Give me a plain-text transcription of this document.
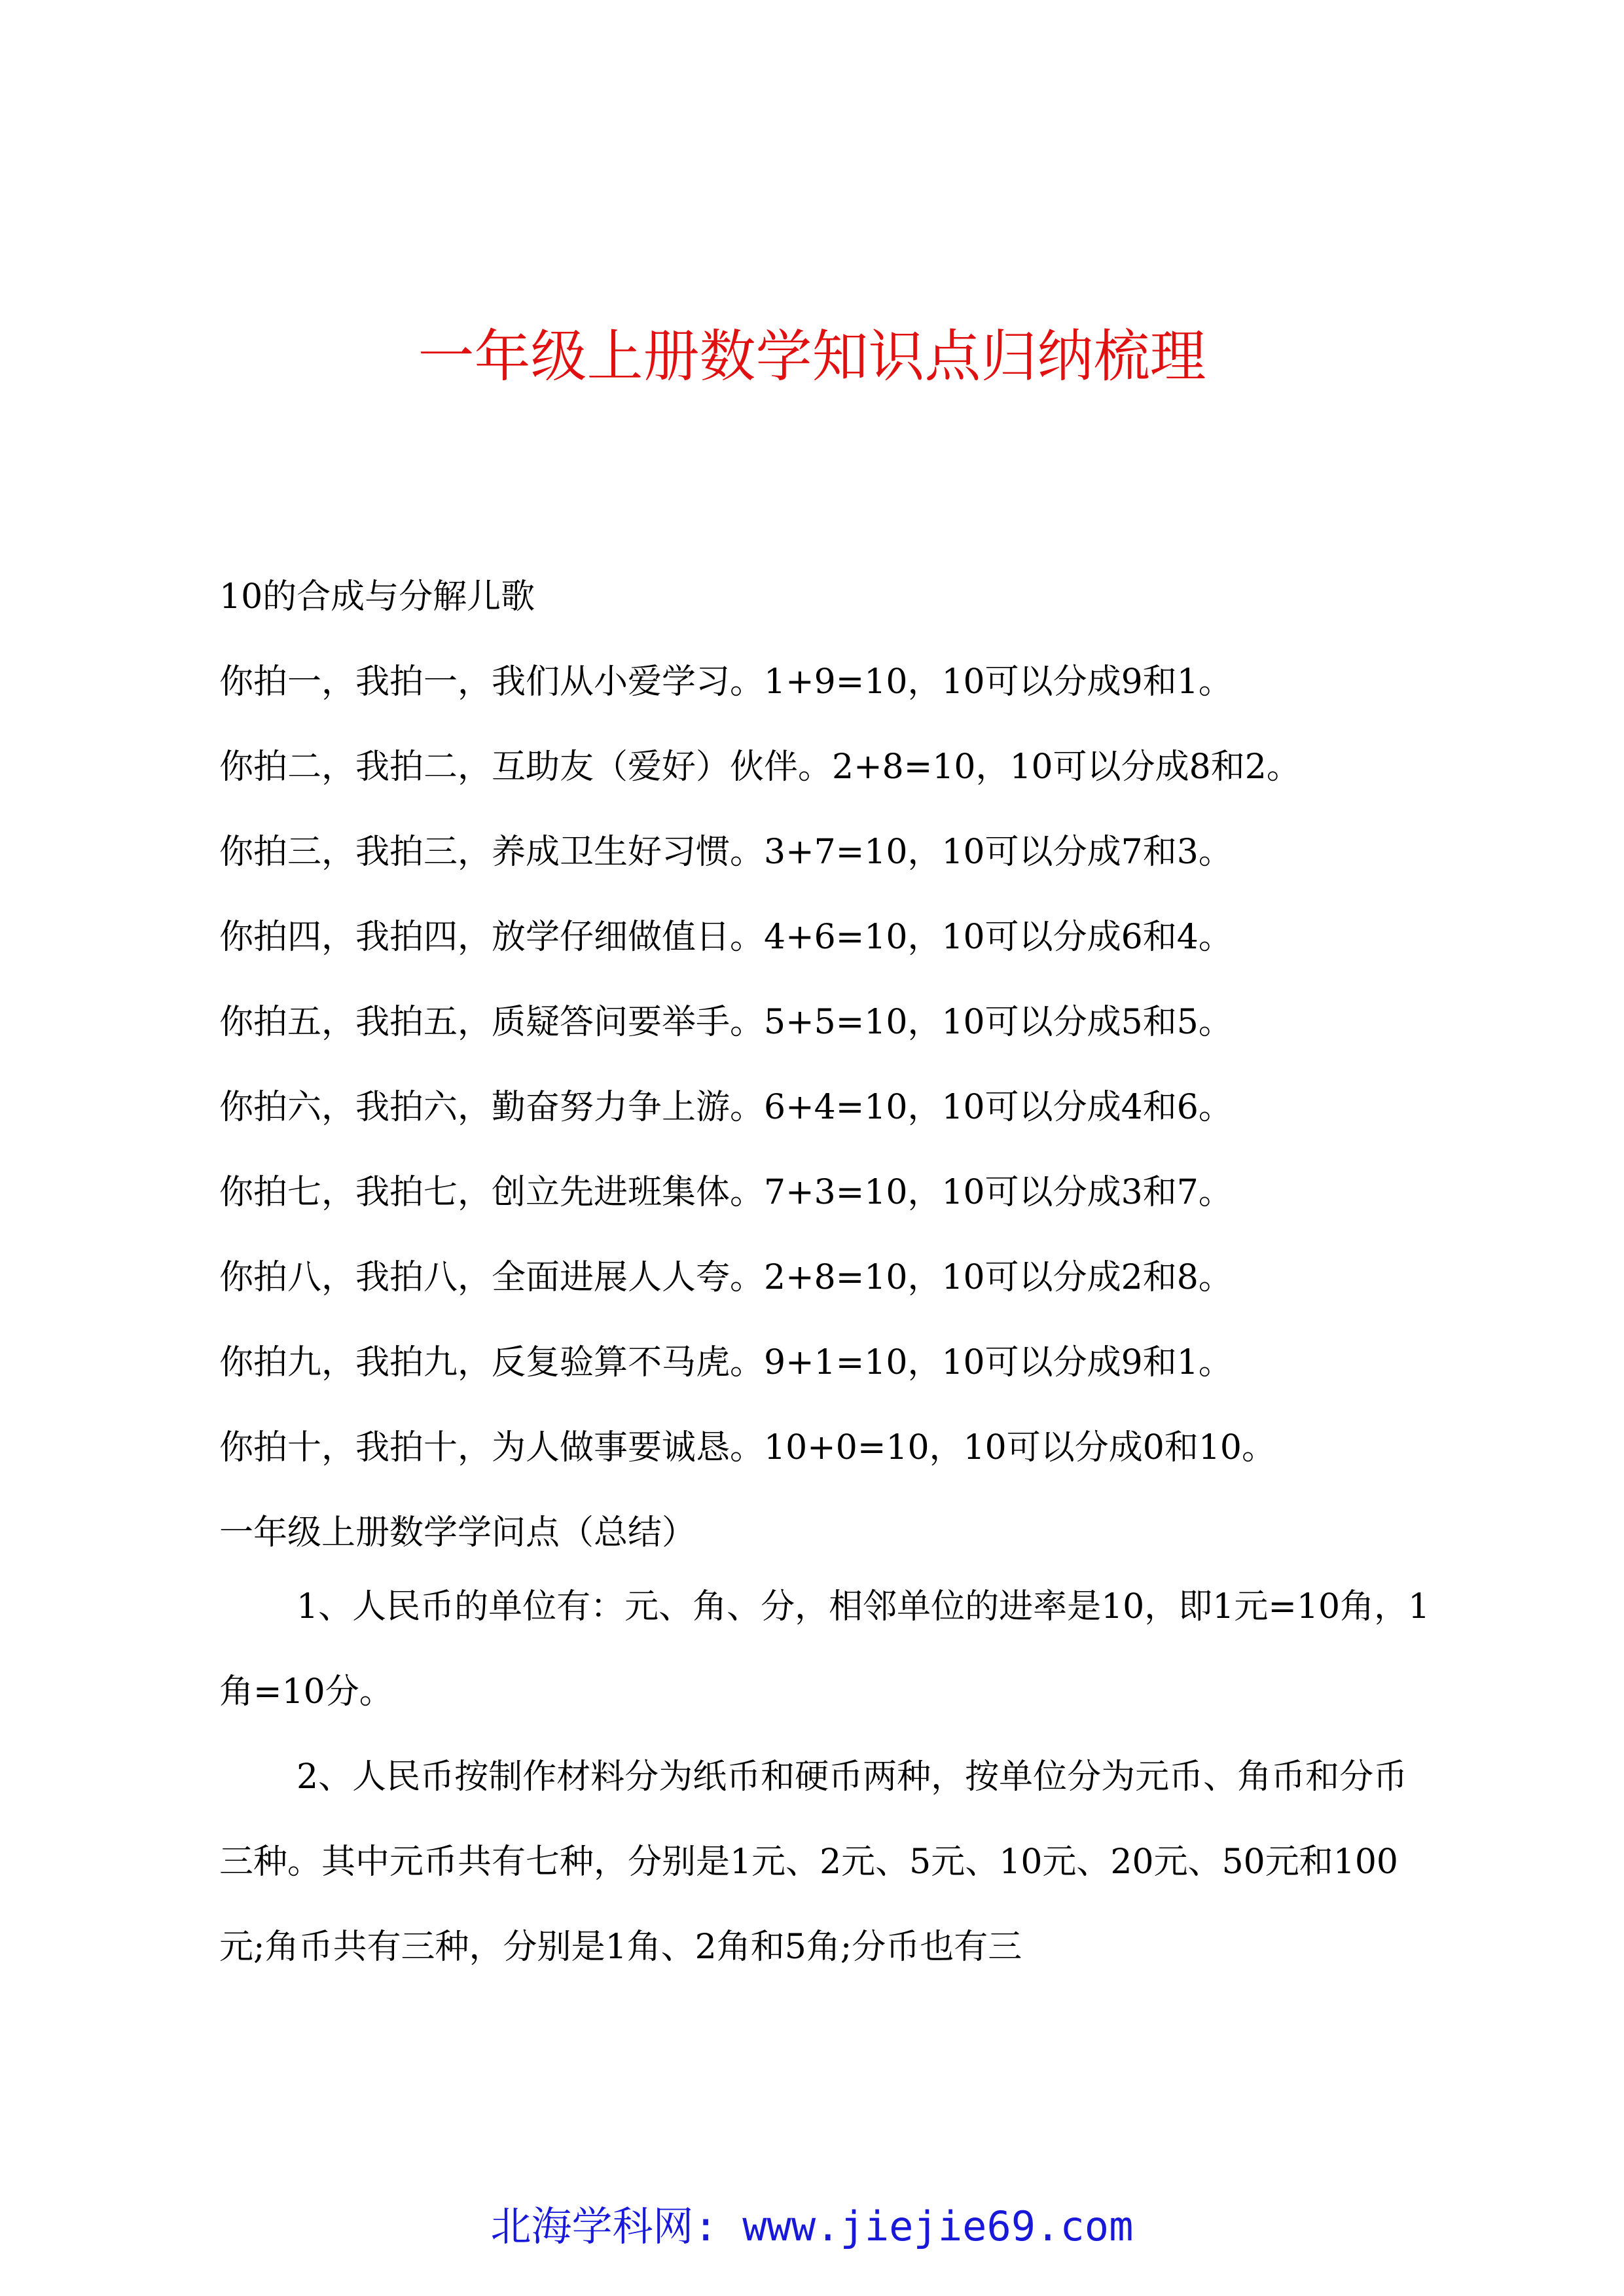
一年级上册数学知识点归纳梳理
10的合成与分解儿歌
你拍一，我拍一，我们从小爱学习。1+9=10，10可以分成9和1。
你拍二，我拍二，互助友（爱好）伙伴。2+8=10，10可以分成8和2。
你拍三，我拍三，养成卫生好习惯。3+7=10，10可以分成7和3。
你拍四，我拍四，放学仔细做值日。4+6=10，10可以分成6和4。
你拍五，我拍五，质疑答问要举手。5+5=10，10可以分成5和5。
你拍六，我拍六，勤奋努力争上游。6+4=10，10可以分成4和6。
你拍七，我拍七，创立先进班集体。7+3=10，10可以分成3和7。
你拍八，我拍八，全面进展人人夸。2+8=10，10可以分成2和8。
你拍九，我拍九，反复验算不马虎。9+1=10，10可以分成9和1。
你拍十，我拍十，为人做事要诚恳。10+0=10，10可以分成0和10。
一年级上册数学学问点（总结）

1、人民币的单位有：元、角、分，相邻单位的进率是10，即1元=10角，1角=10分。

2、人民币按制作材料分为纸币和硬币两种，按单位分为元币、角币和分币三种。其中元币共有七种，分别是1元、2元、5元、10元、20元、50元和100元;角币共有三种，分别是1角、2角和5角;分币也有三

北海学科网: www.jiejie69.com
